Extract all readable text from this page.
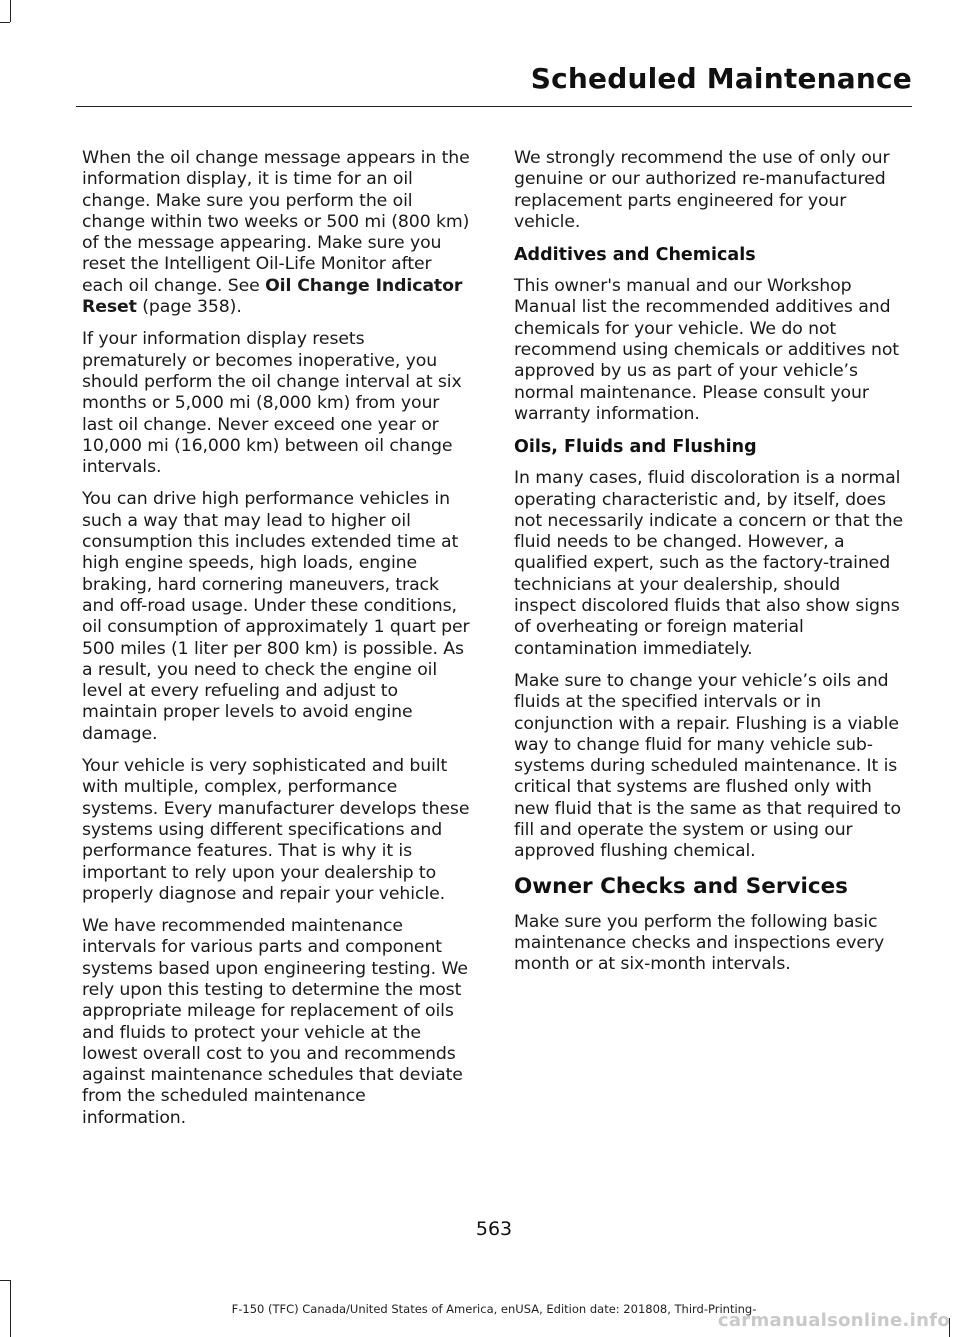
Scheduled Maintenance

When the oil change message appears in the information display, it is time for an oil change. Make sure you perform the oil change within two weeks or 500 mi (800 km) of the message appearing. Make sure you reset the Intelligent Oil-Life Monitor after each oil change. See Oil Change Indicator Reset (page 358).

If your information display resets prematurely or becomes inoperative, you should perform the oil change interval at six months or 5,000 mi (8,000 km) from your last oil change. Never exceed one year or 10,000 mi (16,000 km) between oil change intervals.

You can drive high performance vehicles in such a way that may lead to higher oil consumption this includes extended time at high engine speeds, high loads, engine braking, hard cornering maneuvers, track and off-road usage. Under these conditions, oil consumption of approximately 1 quart per 500 miles (1 liter per 800 km) is possible. As a result, you need to check the engine oil level at every refueling and adjust to maintain proper levels to avoid engine damage.

Your vehicle is very sophisticated and built with multiple, complex, performance systems. Every manufacturer develops these systems using different specifications and performance features. That is why it is important to rely upon your dealership to properly diagnose and repair your vehicle.

We have recommended maintenance intervals for various parts and component systems based upon engineering testing. We rely upon this testing to determine the most appropriate mileage for replacement of oils and fluids to protect your vehicle at the lowest overall cost to you and recommends against maintenance schedules that deviate from the scheduled maintenance information.

We strongly recommend the use of only our genuine or our authorized re-manufactured replacement parts engineered for your vehicle.

Additives and Chemicals

This owner's manual and our Workshop Manual list the recommended additives and chemicals for your vehicle. We do not recommend using chemicals or additives not approved by us as part of your vehicle’s normal maintenance. Please consult your warranty information.

Oils, Fluids and Flushing

In many cases, fluid discoloration is a normal operating characteristic and, by itself, does not necessarily indicate a concern or that the fluid needs to be changed. However, a qualified expert, such as the factory-trained technicians at your dealership, should inspect discolored fluids that also show signs of overheating or foreign material contamination immediately.

Make sure to change your vehicle’s oils and fluids at the specified intervals or in conjunction with a repair. Flushing is a viable way to change fluid for many vehicle sub-systems during scheduled maintenance. It is critical that systems are flushed only with new fluid that is the same as that required to fill and operate the system or using our approved flushing chemical.

Owner Checks and Services

Make sure you perform the following basic maintenance checks and inspections every month or at six-month intervals.

563
F-150 (TFC) Canada/United States of America, enUSA, Edition date: 201808, Third-Printing-
carmanualsonline.info
